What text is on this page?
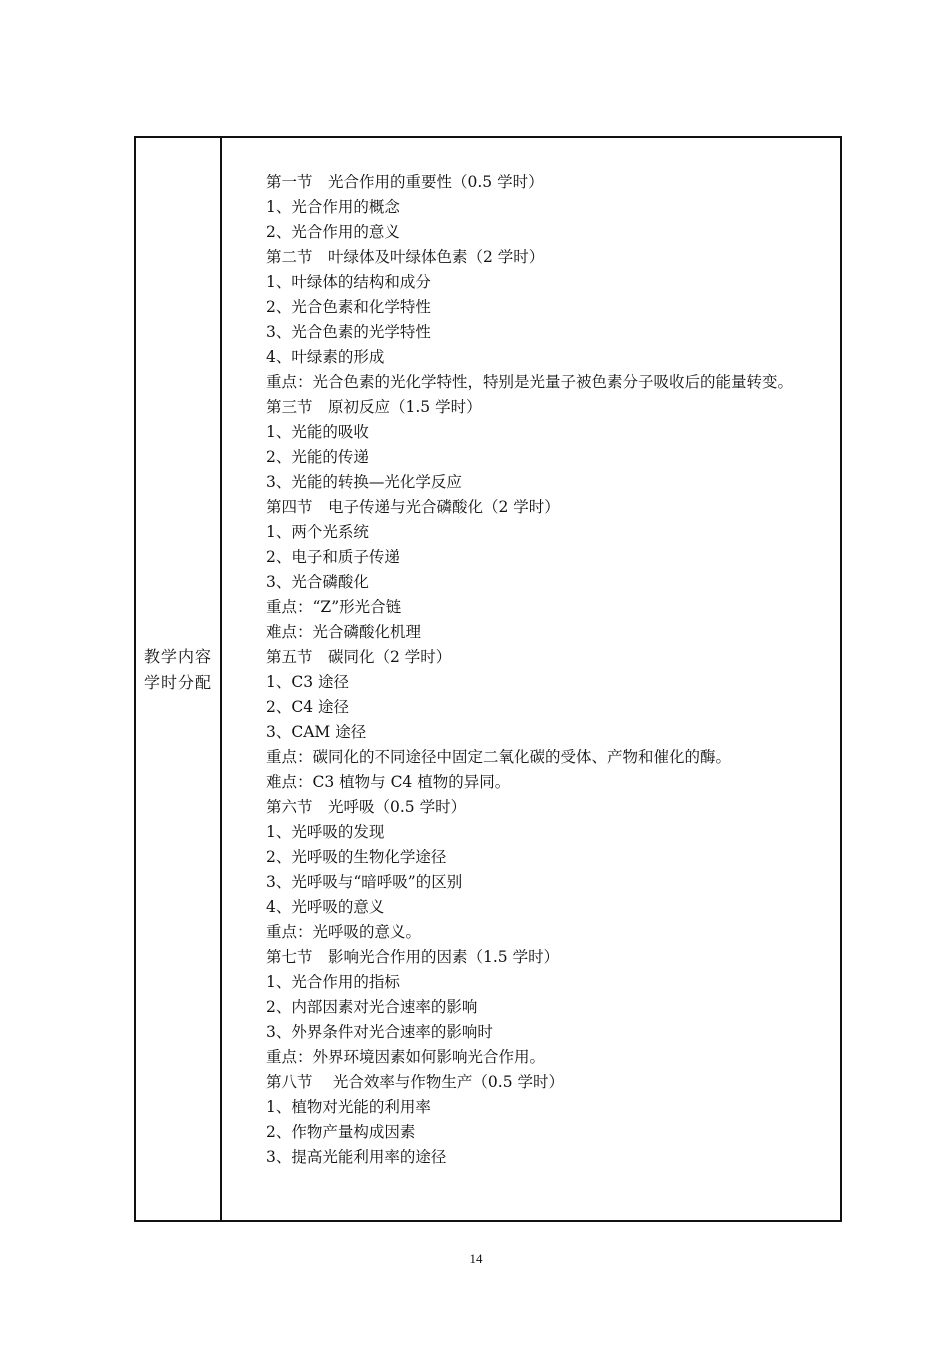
教学内容
学时分配
第一节　光合作用的重要性（0.5 学时）
1、光合作用的概念
2、光合作用的意义
第二节　叶绿体及叶绿体色素（2 学时）
1、叶绿体的结构和成分
2、光合色素和化学特性
3、光合色素的光学特性
4、叶绿素的形成
重点：光合色素的光化学特性，特别是光量子被色素分子吸收后的能量转变。
第三节　原初反应（1.5 学时）
1、光能的吸收
2、光能的传递
3、光能的转换—光化学反应
第四节　电子传递与光合磷酸化（2 学时）
1、两个光系统
2、电子和质子传递
3、光合磷酸化
重点：“Z”形光合链
难点：光合磷酸化机理
第五节　碳同化（2 学时）
1、C3 途径
2、C4 途径
3、CAM 途径
重点：碳同化的不同途径中固定二氧化碳的受体、产物和催化的酶。
难点：C3 植物与 C4 植物的异同。
第六节　光呼吸（0.5 学时）
1、光呼吸的发现
2、光呼吸的生物化学途径
3、光呼吸与“暗呼吸”的区别
4、光呼吸的意义
重点：光呼吸的意义。
第七节　影响光合作用的因素（1.5 学时）
1、光合作用的指标
2、内部因素对光合速率的影响
3、外界条件对光合速率的影响时
重点：外界环境因素如何影响光合作用。
第八节　 光合效率与作物生产（0.5 学时）
1、植物对光能的利用率
2、作物产量构成因素
3、提高光能利用率的途径
14
